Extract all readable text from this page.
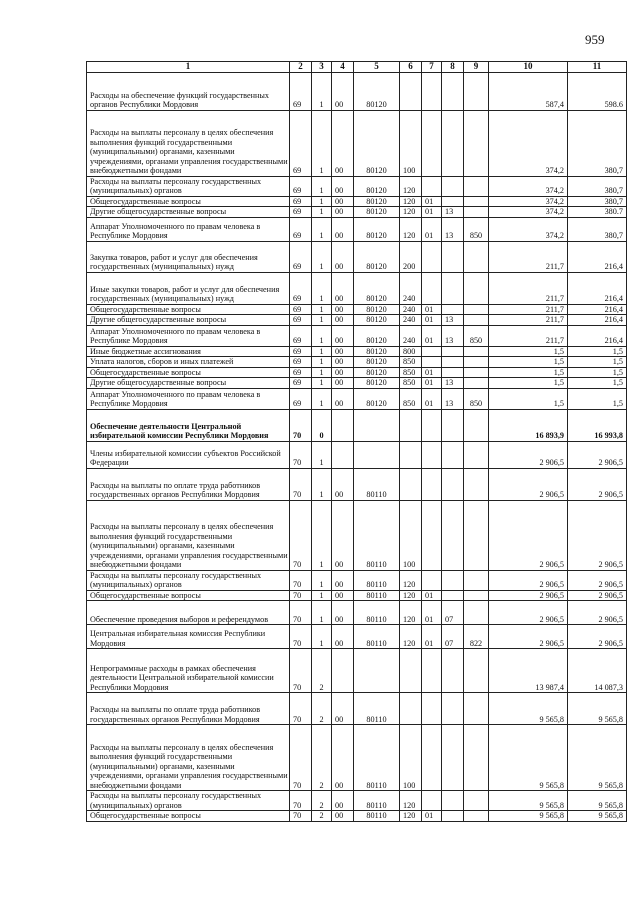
959
1	2	3	4	5	6	7	8	9	10	11
Расходы на обеспечение функций государственных органов Республики Мордовия	69	1	00	80120					587,4	598.6
Расходы на выплаты персоналу в целях обеспечения выполнения функций государственными (муниципальными) органами, казенными учреждениями, органами управления государственными внебюджетными фондами	69	1	00	80120	100				374,2	380,7
Расходы на выплаты персоналу государственных (муниципальных) органов	69	1	00	80120	120				374,2	380,7
Общегосударственные вопросы	69	1	00	80120	120	01			374,2	380,7
Другие общегосударственные вопросы	69	1	00	80120	120	01	13		374,2	380.7
Аппарат Уполномоченного по правам человека в Республике Мордовия	69	1	00	80120	120	01	13	850	374,2	380,7
Закупка товаров, работ и услуг для обеспечения государственных (муниципальных) нужд	69	1	00	80120	200				211,7	216,4
Иные закупки товаров, работ и услуг для обеспечения государственных (муниципальных) нужд	69	1	00	80120	240				211,7	216,4
Общегосударственные вопросы	69	1	00	80120	240	01			211,7	216,4
Другие общегосударственные вопросы	69	1	00	80120	240	01	13		211,7	216,4
Аппарат Уполномоченного по правам человека в Республике Мордовия	69	1	00	80120	240	01	13	850	211,7	216,4
Иные бюджетные ассигнования	69	1	00	80120	800				1,5	1,5
Уплата налогов, сборов и иных платежей	69	1	00	80120	850				1,5	1,5
Общегосударственные вопросы	69	1	00	80120	850	01			1,5	1,5
Другие общегосударственные вопросы	69	1	00	80120	850	01	13		1,5	1,5
Аппарат Уполномоченного по правам человека в Республике Мордовия	69	1	00	80120	850	01	13	850	1,5	1,5
Обеспечение деятельности Центральной избирательной комиссии Республики Мордовия	70	0							16 893,9	16 993,8
Члены избирательной комиссии субъектов Российской Федерации	70	1							2 906,5	2 906,5
Расходы на выплаты по оплате труда работников государственных органов Республики Мордовия	70	1	00	80110					2 906,5	2 906,5
Расходы на выплаты персоналу в целях обеспечения выполнения функций государственными (муниципальными) органами, казенными учреждениями, органами управления государственными внебюджетными фондами	70	1	00	80110	100				2 906,5	2 906,5
Расходы на выплаты персоналу государственных (муниципальных) органов	70	1	00	80110	120				2 906,5	2 906,5
Общегосударственные вопросы	70	1	00	80110	120	01			2 906,5	2 906,5
Обеспечение проведения выборов и референдумов	70	1	00	80110	120	01	07		2 906,5	2 906,5
Центральная избирательная комиссия Республики Мордовия	70	1	00	80110	120	01	07	822	2 906,5	2 906,5
Непрограммные расходы в рамках обеспечения деятельности Центральной избирательной комиссии Республики Мордовия	70	2							13 987,4	14 087,3
Расходы на выплаты по оплате труда работников государственных органов Республики Мордовия	70	2	00	80110					9 565,8	9 565,8
Расходы на выплаты персоналу в целях обеспечения выполнения функций государственными (муниципальными) органами, казенными учреждениями, органами управления государственными внебюджетными фондами	70	2	00	80110	100				9 565,8	9 565,8
Расходы на выплаты персоналу государственных (муниципальных) органов	70	2	00	80110	120				9 565,8	9 565,8
Общегосударственные вопросы	70	2	00	80110	120	01			9 565,8	9 565,8
